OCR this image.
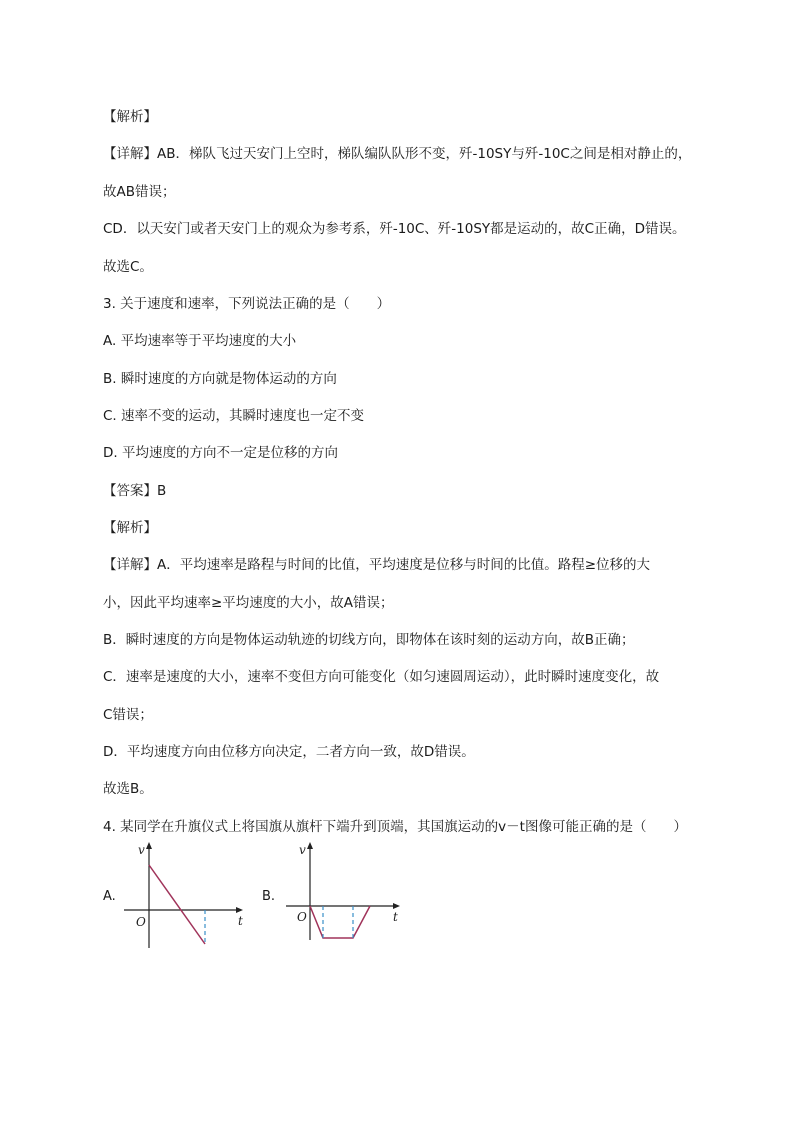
【解析】
【详解】AB．梯队飞过天安门上空时，梯队编队队形不变，歼-10SY与歼-10C之间是相对静止的，
故AB错误；
CD．以天安门或者天安门上的观众为参考系，歼-10C、歼-10SY都是运动的，故C正确，D错误。
故选C。
3. 关于速度和速率，下列说法正确的是（　　）
A. 平均速率等于平均速度的大小
B. 瞬时速度的方向就是物体运动的方向
C. 速率不变的运动，其瞬时速度也一定不变
D. 平均速度的方向不一定是位移的方向
【答案】B
【解析】
【详解】A．平均速率是路程与时间的比值，平均速度是位移与时间的比值。路程≥位移的大
小，因此平均速率≥平均速度的大小，故A错误；
B．瞬时速度的方向是物体运动轨迹的切线方向，即物体在该时刻的运动方向，故B正确；
C．速率是速度的大小，速率不变但方向可能变化（如匀速圆周运动），此时瞬时速度变化，故
C错误；
D．平均速度方向由位移方向决定，二者方向一致，故D错误。
故选B。
4. 某同学在升旗仪式上将国旗从旗杆下端升到顶端，其国旗运动的v－t图像可能正确的是（　　）
A.
v
t
O
B.
v
t
O
